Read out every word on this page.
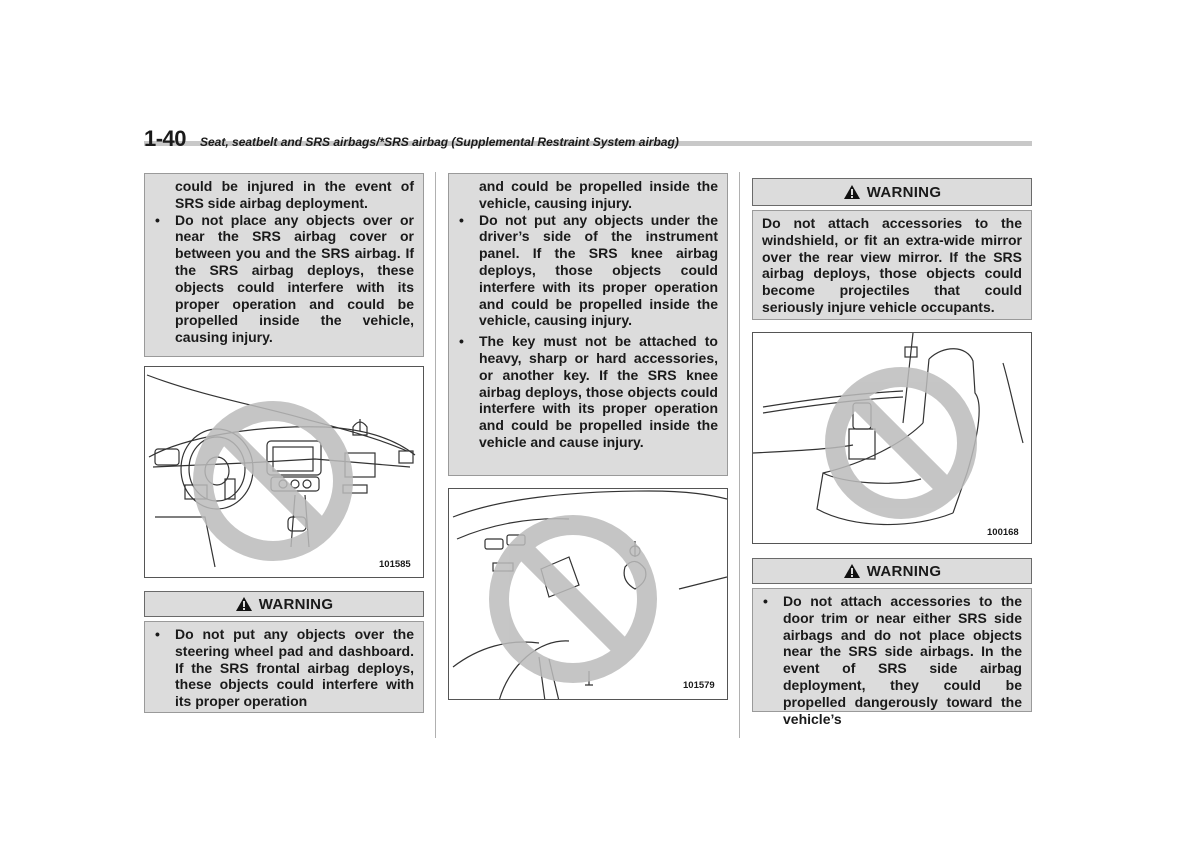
1-40 Seat, seatbelt and SRS airbags/*SRS airbag (Supplemental Restraint System airbag)

could be injured in the event of SRS side airbag deployment.

• Do not place any objects over or near the SRS airbag cover or between you and the SRS airbag. If the SRS airbag deploys, these objects could interfere with its proper operation and could be propelled inside the vehicle, causing injury.
101585
WARNING
• Do not put any objects over the steering wheel pad and dashboard. If the SRS frontal airbag deploys, these objects could interfere with its proper operation

and could be propelled inside the vehicle, causing injury.

• Do not put any objects under the driver’s side of the instrument panel. If the SRS knee airbag deploys, those objects could interfere with its proper operation and could be propelled inside the vehicle, causing injury.
• The key must not be attached to heavy, sharp or hard accessories, or another key. If the SRS knee airbag deploys, those objects could interfere with its proper operation and could be propelled inside the vehicle and cause injury.
101579
WARNING

Do not attach accessories to the windshield, or fit an extra-wide mirror over the rear view mirror. If the SRS airbag deploys, those objects could become projectiles that could seriously injure vehicle occupants.

100168
WARNING
• Do not attach accessories to the door trim or near either SRS side airbags and do not place objects near the SRS side airbags. In the event of SRS side airbag deployment, they could be propelled dangerously toward the vehicle’s
